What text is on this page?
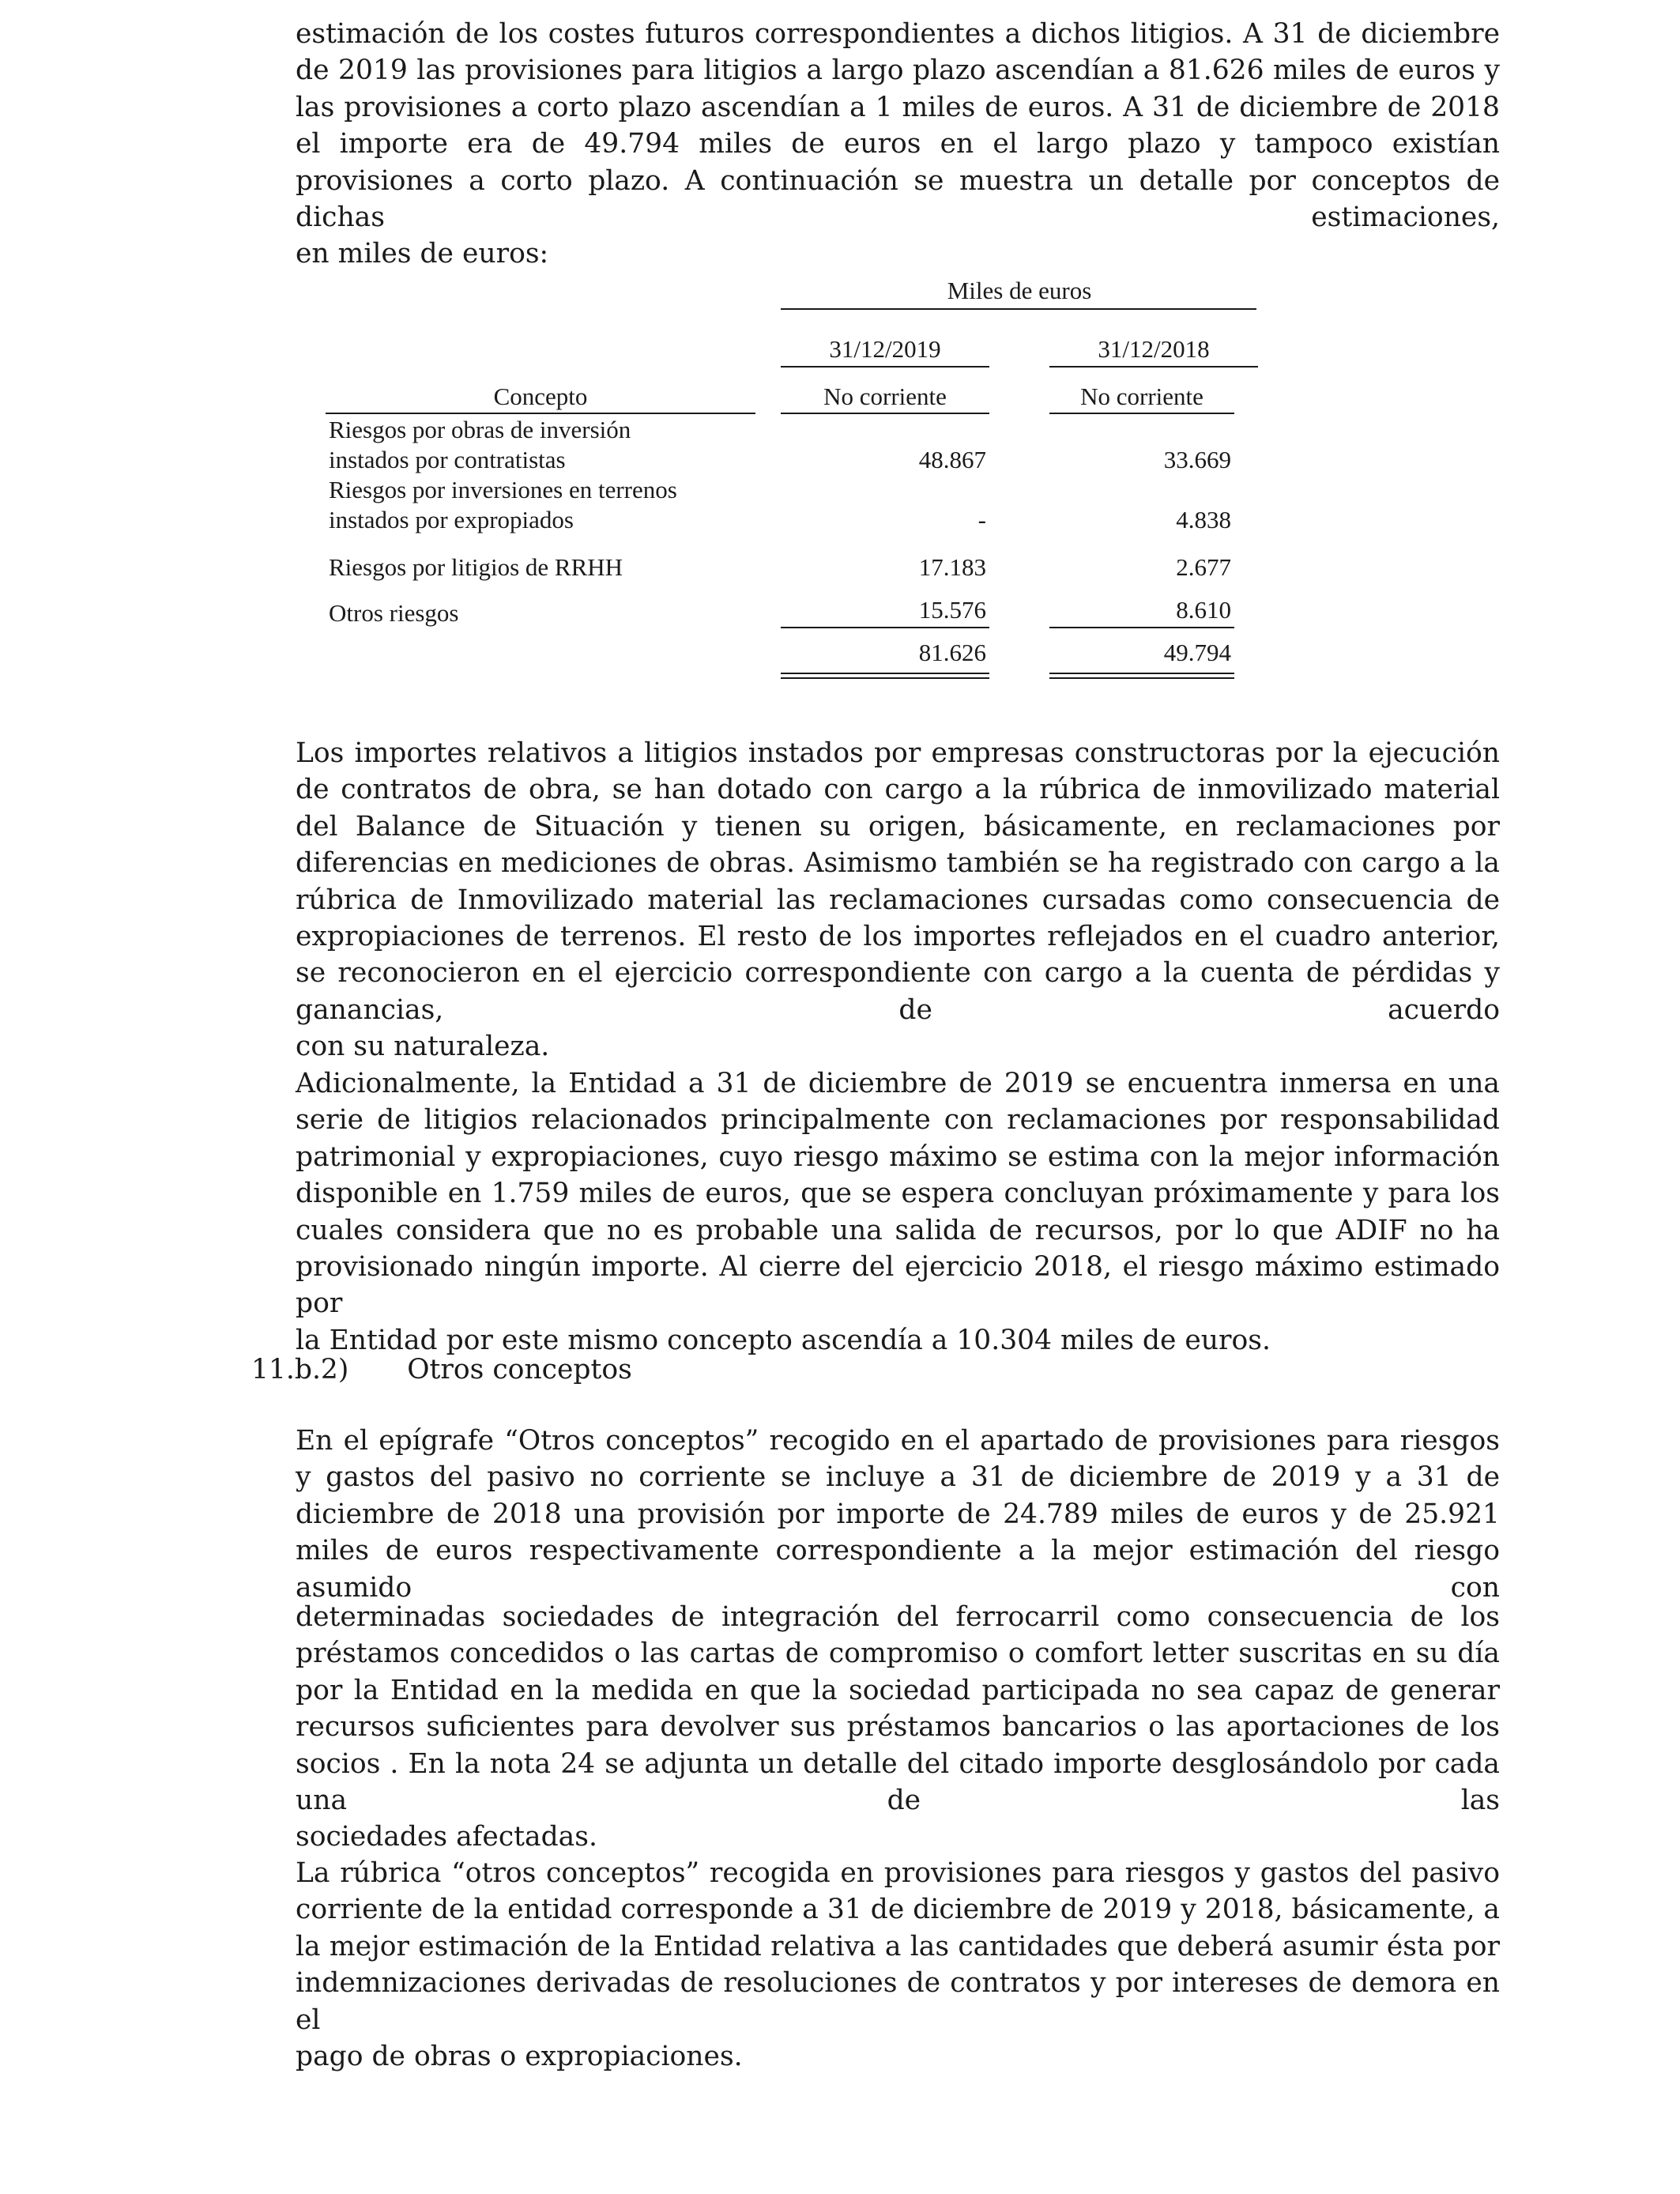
estimación de los costes futuros correspondientes a dichos litigios. A 31 de diciembre de 2019 las provisiones para litigios a largo plazo ascendían a 81.626 miles de euros y las provisiones a corto plazo ascendían a 1 miles de euros. A 31 de diciembre de 2018 el importe era de 49.794 miles de euros en el largo plazo y tampoco existían provisiones a corto plazo. A continuación se muestra un detalle por conceptos de dichas estimaciones,
en miles de euros:

Miles de euros
31/12/2019	31/12/2018
Concepto	No corriente	No corriente
Riesgos por obras de inversión
instados por contratistas	48.867	33.669
Riesgos por inversiones en terrenos
instados por expropiados	-	4.838
Riesgos por litigios de RRHH	17.183	2.677
Otros riesgos	15.576	8.610
81.626	49.794

Los importes relativos a litigios instados por empresas constructoras por la ejecución de contratos de obra, se han dotado con cargo a la rúbrica de inmovilizado material del Balance de Situación y tienen su origen, básicamente, en reclamaciones por diferencias en mediciones de obras. Asimismo también se ha registrado con cargo a la rúbrica de Inmovilizado material las reclamaciones cursadas como consecuencia de expropiaciones de terrenos. El resto de los importes reflejados en el cuadro anterior, se reconocieron en el ejercicio correspondiente con cargo a la cuenta de pérdidas y ganancias, de acuerdo
con su naturaleza.

Adicionalmente, la Entidad a 31 de diciembre de 2019 se encuentra inmersa en una serie de litigios relacionados principalmente con reclamaciones por responsabilidad patrimonial y expropiaciones, cuyo riesgo máximo se estima con la mejor información disponible en 1.759 miles de euros, que se espera concluyan próximamente y para los cuales considera que no es probable una salida de recursos, por lo que ADIF no ha provisionado ningún importe. Al cierre del ejercicio 2018, el riesgo máximo estimado por
la Entidad por este mismo concepto ascendía a 10.304 miles de euros.

11.b.2) Otros conceptos

En el epígrafe “Otros conceptos” recogido en el apartado de provisiones para riesgos y gastos del pasivo no corriente se incluye a 31 de diciembre de 2019 y a 31 de diciembre de 2018 una provisión por importe de 24.789 miles de euros y de 25.921 miles de euros respectivamente correspondiente a la mejor estimación del riesgo asumido con

determinadas sociedades de integración del ferrocarril como consecuencia de los préstamos concedidos o las cartas de compromiso o comfort letter suscritas en su día por la Entidad en la medida en que la sociedad participada no sea capaz de generar recursos suficientes para devolver sus préstamos bancarios o las aportaciones de los socios . En la nota 24 se adjunta un detalle del citado importe desglosándolo por cada una de las
sociedades afectadas.

La rúbrica “otros conceptos” recogida en provisiones para riesgos y gastos del pasivo corriente de la entidad corresponde a 31 de diciembre de 2019 y 2018, básicamente, a la mejor estimación de la Entidad relativa a las cantidades que deberá asumir ésta por indemnizaciones derivadas de resoluciones de contratos y por intereses de demora en el
pago de obras o expropiaciones.
